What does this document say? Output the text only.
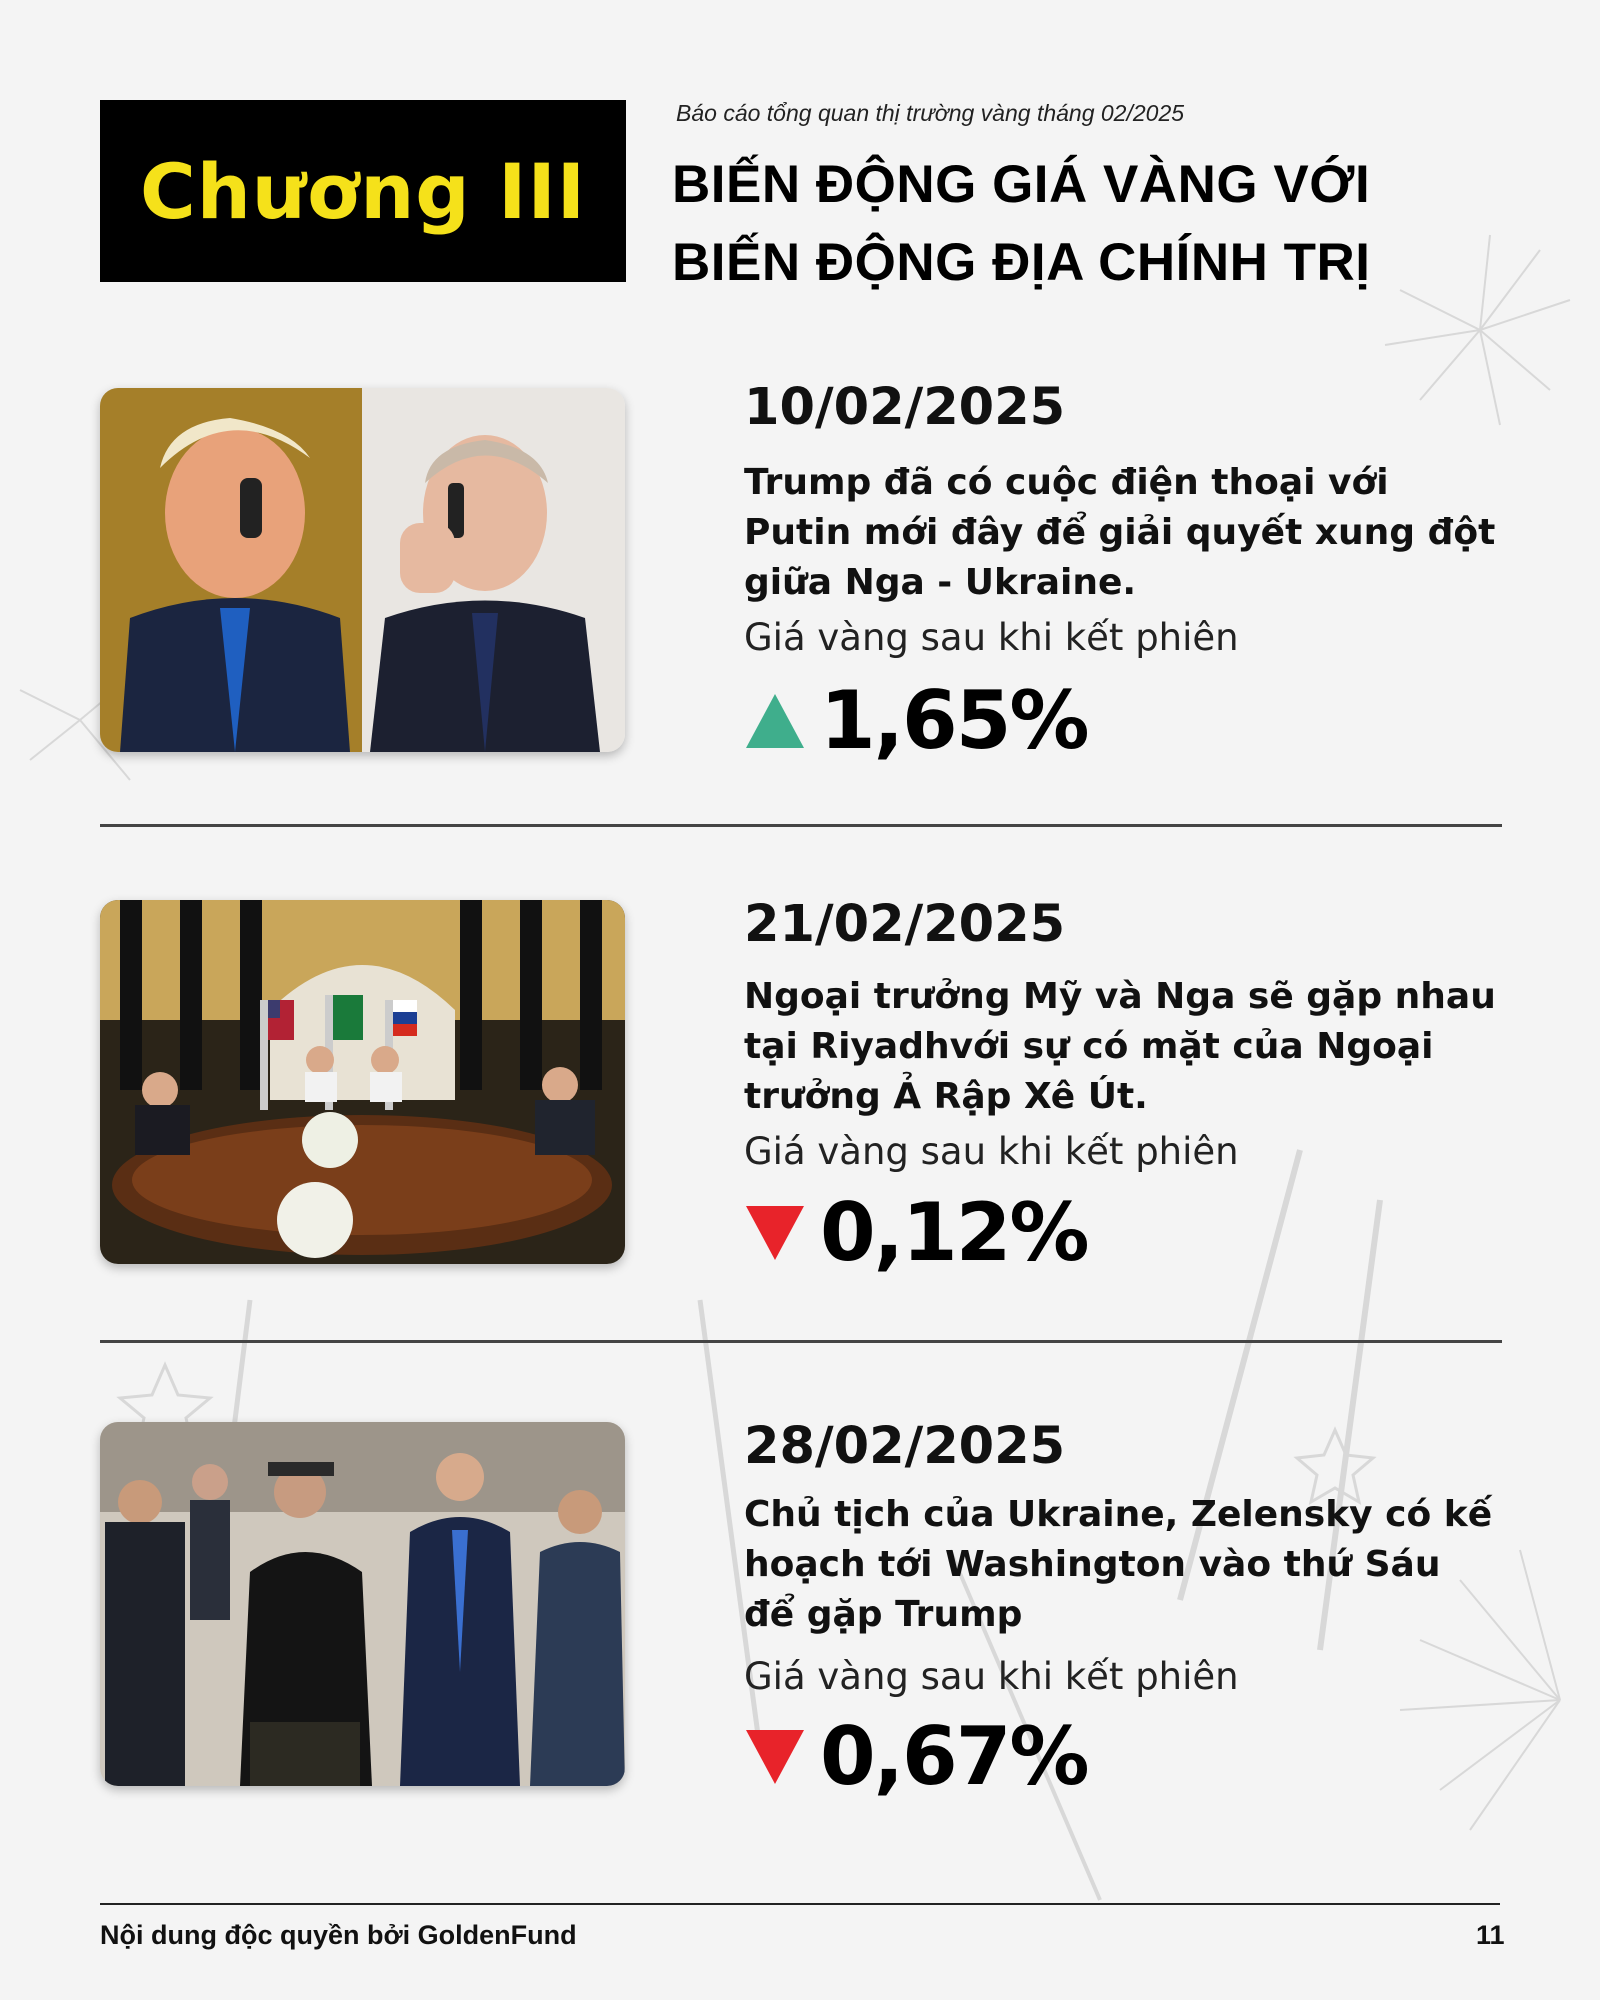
Chương III
Báo cáo tổng quan thị trường vàng tháng 02/2025
BIẾN ĐỘNG GIÁ VÀNG VỚI
BIẾN ĐỘNG ĐỊA CHÍNH TRỊ
10/02/2025
Trump đã có cuộc điện thoại với
Putin mới đây để giải quyết xung đột
giữa Nga - Ukraine.
Giá vàng sau khi kết phiên
1,65%
21/02/2025
Ngoại trưởng Mỹ và Nga sẽ gặp nhau
tại Riyadhvới sự có mặt của Ngoại
trưởng Ả Rập Xê Út.
Giá vàng sau khi kết phiên
0,12%
28/02/2025
Chủ tịch của Ukraine, Zelensky có kế
hoạch tới Washington vào thứ Sáu
để gặp Trump
Giá vàng sau khi kết phiên
0,67%
Nội dung độc quyền bởi GoldenFund	11
